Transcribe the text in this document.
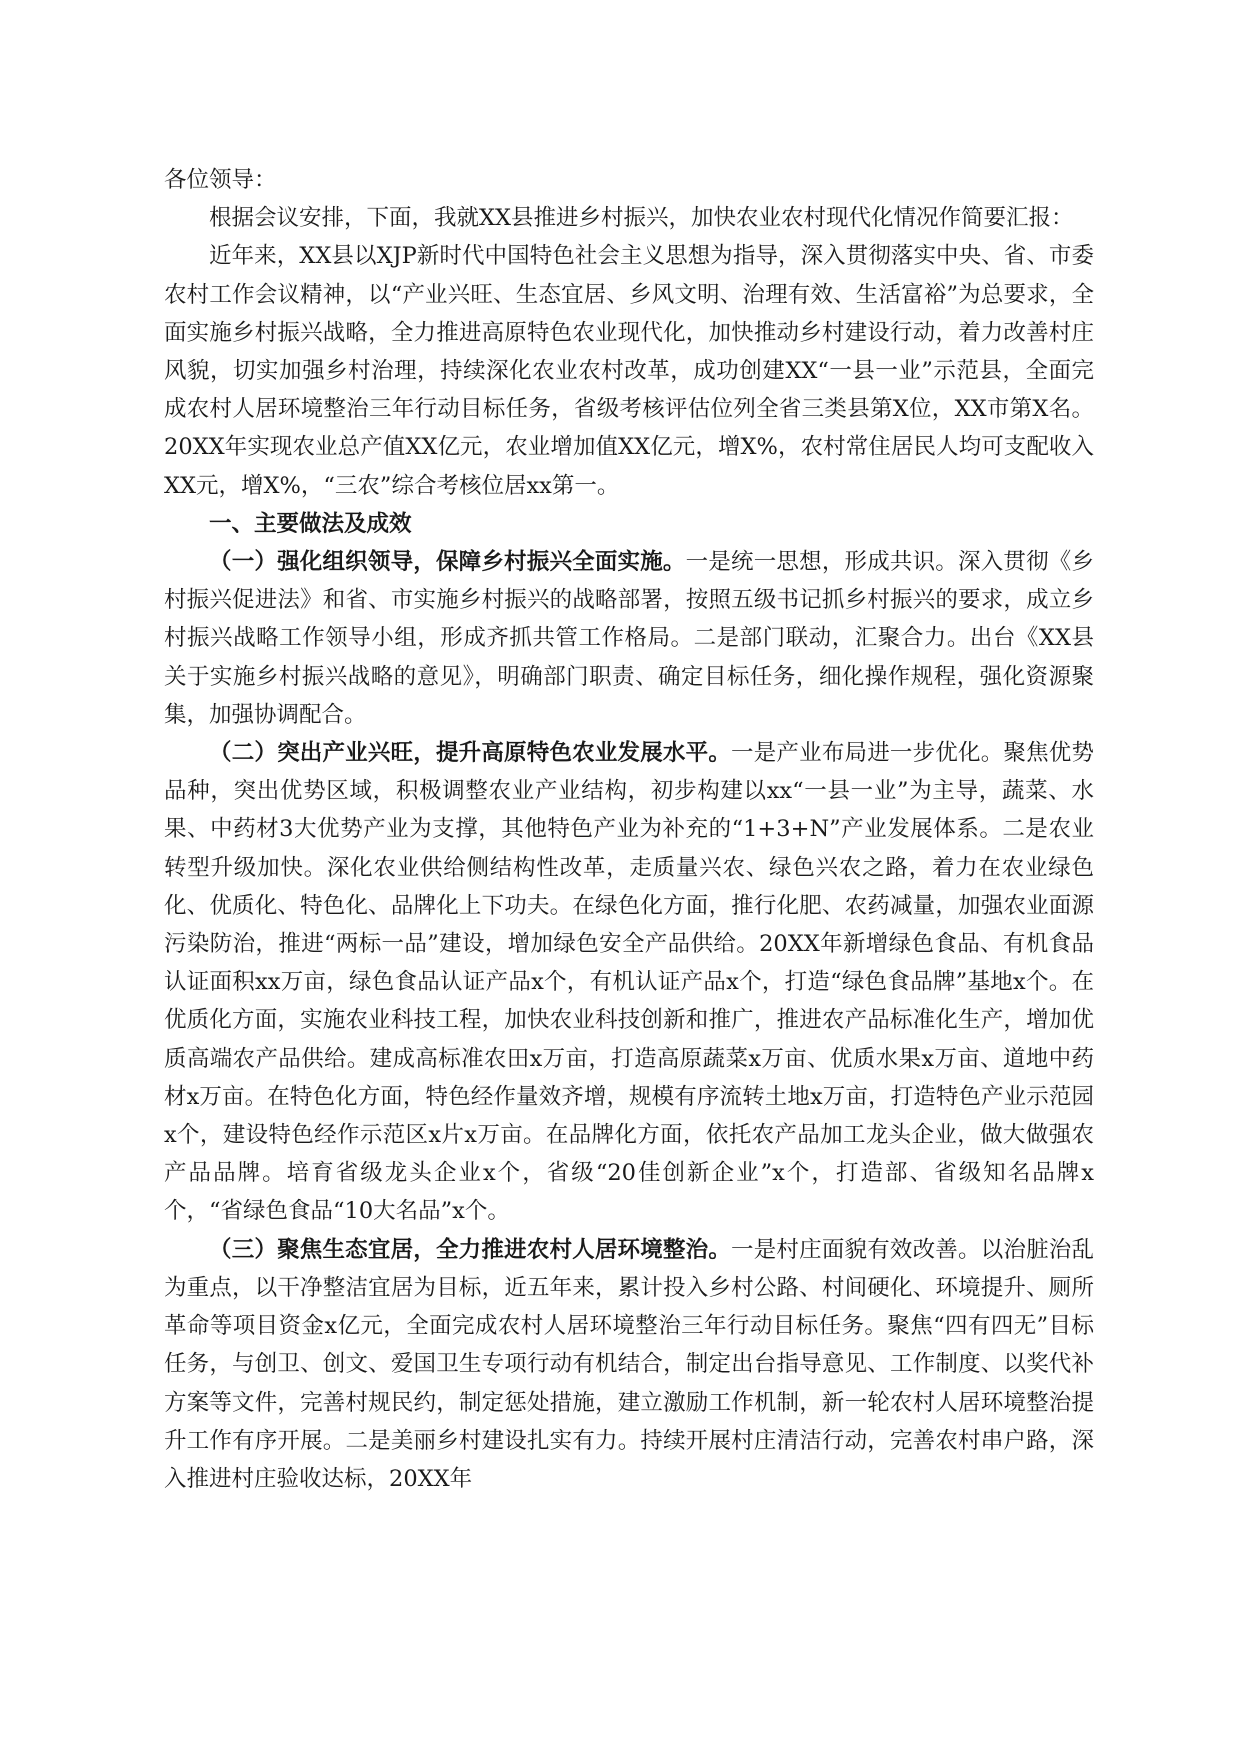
各位领导：

根据会议安排，下面，我就XX县推进乡村振兴，加快农业农村现代化情况作简要汇报：

近年来，XX县以XJP新时代中国特色社会主义思想为指导，深入贯彻落实中央、省、市委农村工作会议精神，以“产业兴旺、生态宜居、乡风文明、治理有效、生活富裕”为总要求，全面实施乡村振兴战略，全力推进高原特色农业现代化，加快推动乡村建设行动，着力改善村庄风貌，切实加强乡村治理，持续深化农业农村改革，成功创建XX“一县一业”示范县，全面完成农村人居环境整治三年行动目标任务，省级考核评估位列全省三类县第X位，XX市第X名。20XX年实现农业总产值XX亿元，农业增加值XX亿元，增X%，农村常住居民人均可支配收入XX元，增X%，“三农”综合考核位居xx第一。

一、主要做法及成效

（一）强化组织领导，保障乡村振兴全面实施。一是统一思想，形成共识。深入贯彻《乡村振兴促进法》和省、市实施乡村振兴的战略部署，按照五级书记抓乡村振兴的要求，成立乡村振兴战略工作领导小组，形成齐抓共管工作格局。二是部门联动，汇聚合力。出台《XX县关于实施乡村振兴战略的意见》，明确部门职责、确定目标任务，细化操作规程，强化资源聚集，加强协调配合。

（二）突出产业兴旺，提升高原特色农业发展水平。一是产业布局进一步优化。聚焦优势品种，突出优势区域，积极调整农业产业结构，初步构建以xx“一县一业”为主导，蔬菜、水果、中药材3大优势产业为支撑，其他特色产业为补充的“1+3+N”产业发展体系。二是农业转型升级加快。深化农业供给侧结构性改革，走质量兴农、绿色兴农之路，着力在农业绿色化、优质化、特色化、品牌化上下功夫。在绿色化方面，推行化肥、农药减量，加强农业面源污染防治，推进“两标一品”建设，增加绿色安全产品供给。20XX年新增绿色食品、有机食品认证面积xx万亩，绿色食品认证产品x个，有机认证产品x个，打造“绿色食品牌”基地x个。在优质化方面，实施农业科技工程，加快农业科技创新和推广，推进农产品标准化生产，增加优质高端农产品供给。建成高标准农田x万亩，打造高原蔬菜x万亩、优质水果x万亩、道地中药材x万亩。在特色化方面，特色经作量效齐增，规模有序流转土地x万亩，打造特色产业示范园x个，建设特色经作示范区x片x万亩。在品牌化方面，依托农产品加工龙头企业，做大做强农产品品牌。培育省级龙头企业x个，省级“20佳创新企业”x个，打造部、省级知名品牌x个，“省绿色食品“10大名品”x个。

（三）聚焦生态宜居，全力推进农村人居环境整治。一是村庄面貌有效改善。以治脏治乱为重点，以干净整洁宜居为目标，近五年来，累计投入乡村公路、村间硬化、环境提升、厕所革命等项目资金x亿元，全面完成农村人居环境整治三年行动目标任务。聚焦“四有四无”目标任务，与创卫、创文、爱国卫生专项行动有机结合，制定出台指导意见、工作制度、以奖代补方案等文件，完善村规民约，制定惩处措施，建立激励工作机制，新一轮农村人居环境整治提升工作有序开展。二是美丽乡村建设扎实有力。持续开展村庄清洁行动，完善农村串户路，深入推进村庄验收达标，20XX年
